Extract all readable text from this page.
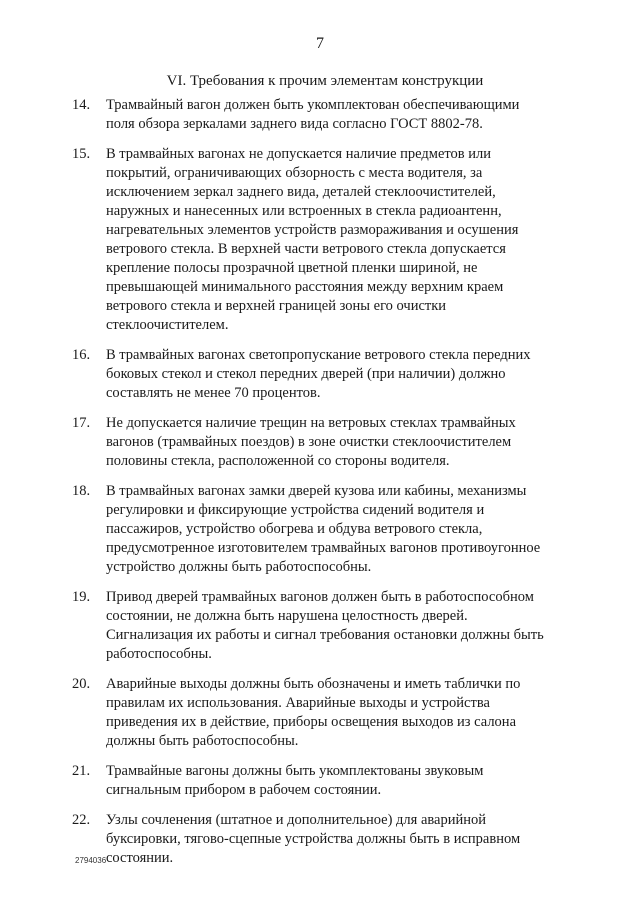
7
VI. Требования к прочим элементам конструкции
14.	Трамвайный вагон должен быть укомплектован обеспечивающими
поля обзора зеркалами заднего вида согласно ГОСТ 8802-78.
15.	В трамвайных вагонах не допускается наличие предметов или
покрытий, ограничивающих обзорность с места водителя, за
исключением зеркал заднего вида, деталей стеклоочистителей,
наружных и нанесенных или встроенных в стекла радиоантенн,
нагревательных элементов устройств размораживания и осушения
ветрового стекла. В верхней части ветрового стекла допускается
крепление полосы прозрачной цветной пленки шириной, не
превышающей минимального расстояния между верхним краем
ветрового стекла и верхней границей зоны его очистки
стеклоочистителем.
16.	В трамвайных вагонах светопропускание ветрового стекла передних
боковых стекол и стекол передних дверей (при наличии) должно
составлять не менее 70 процентов.
17.	Не допускается наличие трещин на ветровых стеклах трамвайных
вагонов (трамвайных поездов) в зоне очистки стеклоочистителем
половины стекла, расположенной со стороны водителя.
18.	В трамвайных вагонах замки дверей кузова или кабины, механизмы
регулировки и фиксирующие устройства сидений водителя и
пассажиров, устройство обогрева и обдува ветрового стекла,
предусмотренное изготовителем трамвайных вагонов противоугонное
устройство должны быть работоспособны.
19.	Привод дверей трамвайных вагонов должен быть в работоспособном
состоянии, не должна быть нарушена целостность дверей.
Сигнализация их работы и сигнал требования остановки должны быть
работоспособны.
20.	Аварийные выходы должны быть обозначены и иметь таблички по
правилам их использования. Аварийные выходы и устройства
приведения их в действие, приборы освещения выходов из салона
должны быть работоспособны.
21.	Трамвайные вагоны должны быть укомплектованы звуковым
сигнальным прибором в рабочем состоянии.
22.	Узлы сочленения (штатное и дополнительное) для аварийной
буксировки, тягово-сцепные устройства должны быть в исправном
состоянии.
2794036
